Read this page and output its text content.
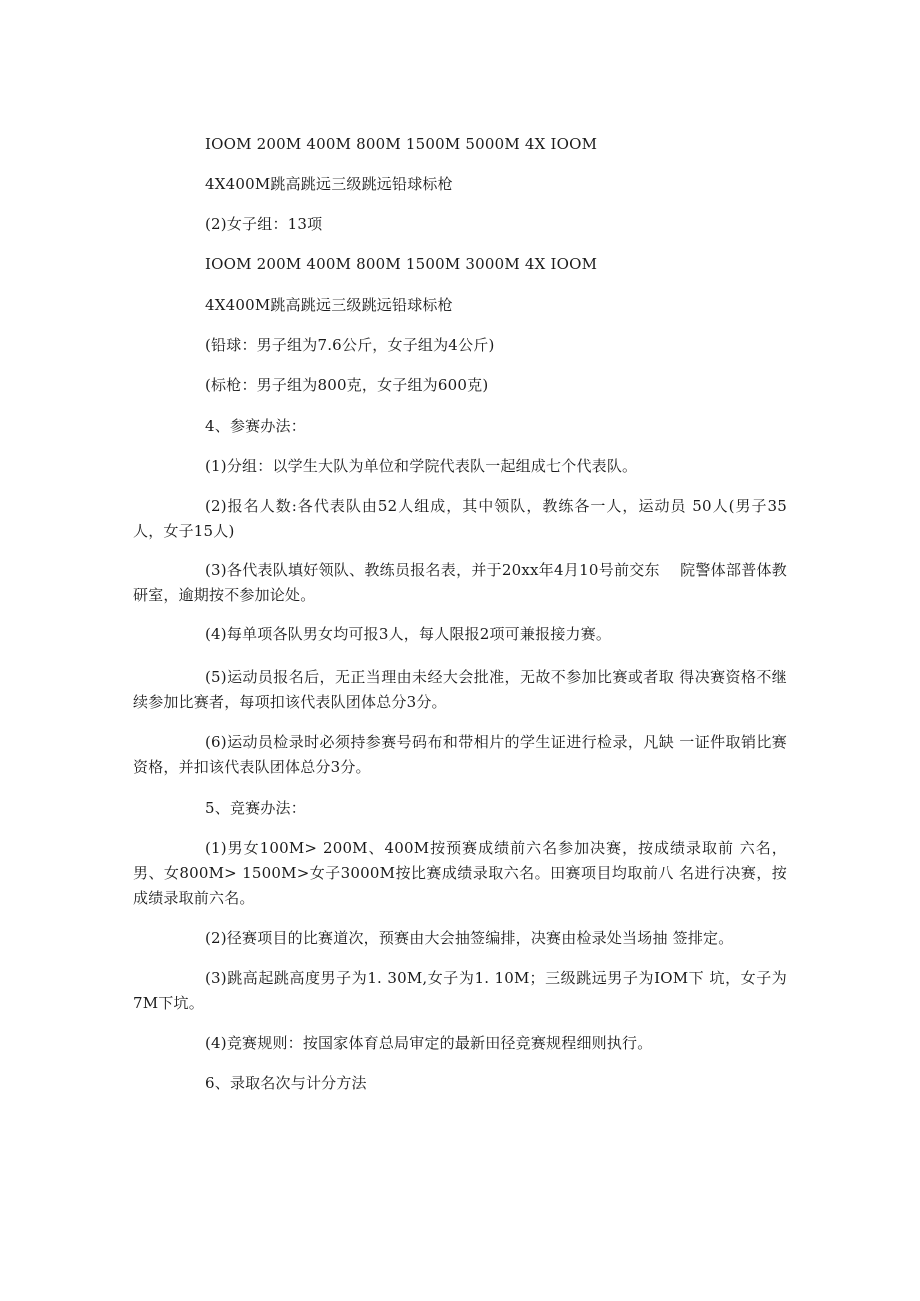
IOOM 200M 400M 800M 1500M 5000M 4X IOOM
4X400M跳高跳远三级跳远铅球标枪
(2)女子组：13项
IOOM 200M 400M 800M 1500M 3000M 4X IOOM
4X400M跳高跳远三级跳远铅球标枪
(铅球：男子组为7.6公斤，女子组为4公斤)
(标枪：男子组为800克，女子组为600克)
4、参赛办法：
(1)分组：以学生大队为单位和学院代表队一起组成七个代表队。
(2)报名人数:各代表队由52人组成，其中领队，教练各一人，运动员 50人(男子35人，女子15人)
(3)各代表队填好领队、教练员报名表，并于20xx年4月10号前交东　 院警体部普体教研室，逾期按不参加论处。
(4)每单项各队男女均可报3人，每人限报2项可兼报接力赛。
(5)运动员报名后，无正当理由未经大会批准，无故不参加比赛或者取 得决赛资格不继续参加比赛者，每项扣该代表队团体总分3分。
(6)运动员检录时必须持参赛号码布和带相片的学生证进行检录，凡缺 一证件取销比赛资格，并扣该代表队团体总分3分。
5、竞赛办法：
(1)男女100M> 200M、400M按预赛成绩前六名参加决赛，按成绩录取前 六名，男、女800M> 1500M>女子3000M按比赛成绩录取六名。田赛项目均取前八 名进行决赛，按成绩录取前六名。
(2)径赛项目的比赛道次，预赛由大会抽签编排，决赛由检录处当场抽 签排定。
(3)跳高起跳高度男子为1. 30M,女子为1. 10M；三级跳远男子为IOM下 坑，女子为7M下坑。
(4)竞赛规则：按国家体育总局审定的最新田径竞赛规程细则执行。
6、录取名次与计分方法
